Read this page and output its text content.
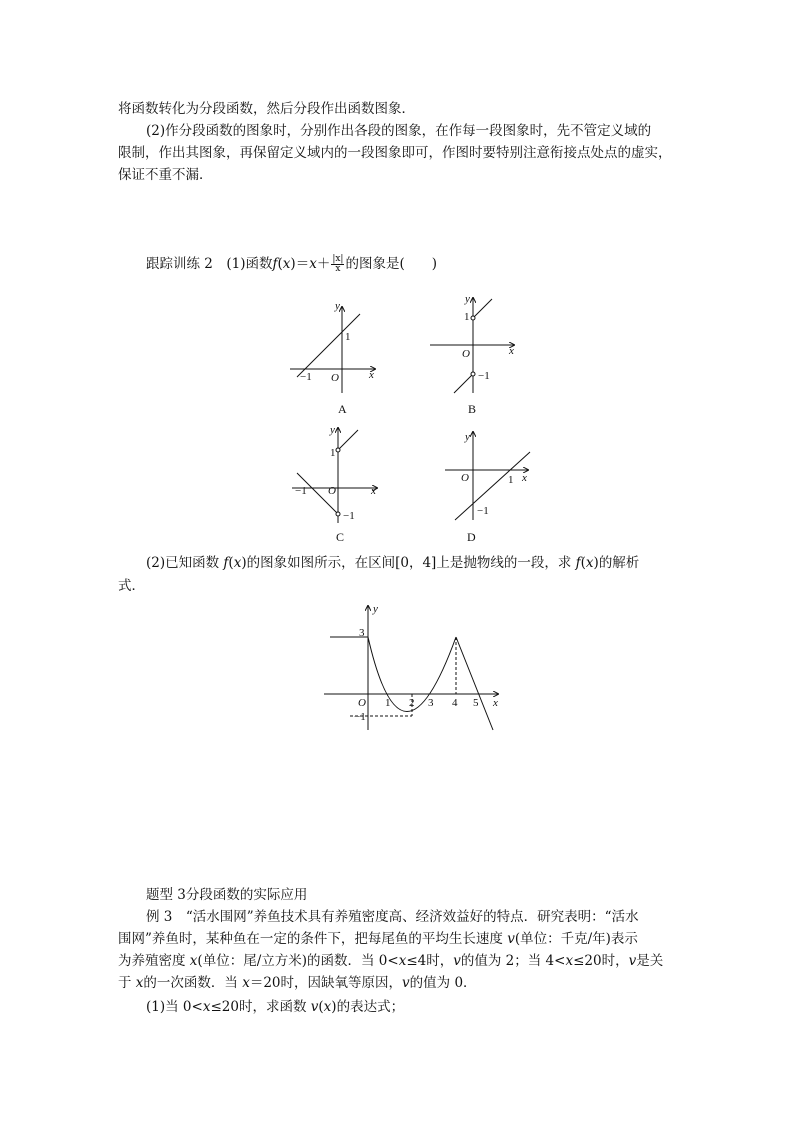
将函数转化为分段函数，然后分段作出函数图象．
(2)作分段函数的图象时，分别作出各段的图象，在作每一段图象时，先不管定义域的
限制，作出其图象，再保留定义域内的一段图象即可，作图时要特别注意衔接点处点的虚实，
保证不重不漏．
跟踪训练 2　(1)函数$f(x)=x+ \frac{|x|}{x}$ 的图象是(　　)
y
x
O
1
−1
A
y
x
O
1
−1
B
y
x
O
1
−1
−1
C
y
x
O	1
−1
D
(2)已知函数 f(x)的图象如图所示，在区间[0，4]上是抛物线的一段，求 f(x)的解析
式．
y
x
O
3
−1
1 2 3 4 5
题型 3分段函数的实际应用
例 3　“活水围网”养鱼技术具有养殖密度高、经济效益好的特点．研究表明：“活水
围网”养鱼时，某种鱼在一定的条件下，把每尾鱼的平均生长速度 v(单位：千克/年)表示
为养殖密度 x(单位：尾/立方米)的函数．当 0<x≤4时，v的值为 2；当 4<x≤20时，v是关
于 x的一次函数．当 x＝20时，因缺氧等原因，v的值为 0．
(1)当 0<x≤20时，求函数 v(x)的表达式；
